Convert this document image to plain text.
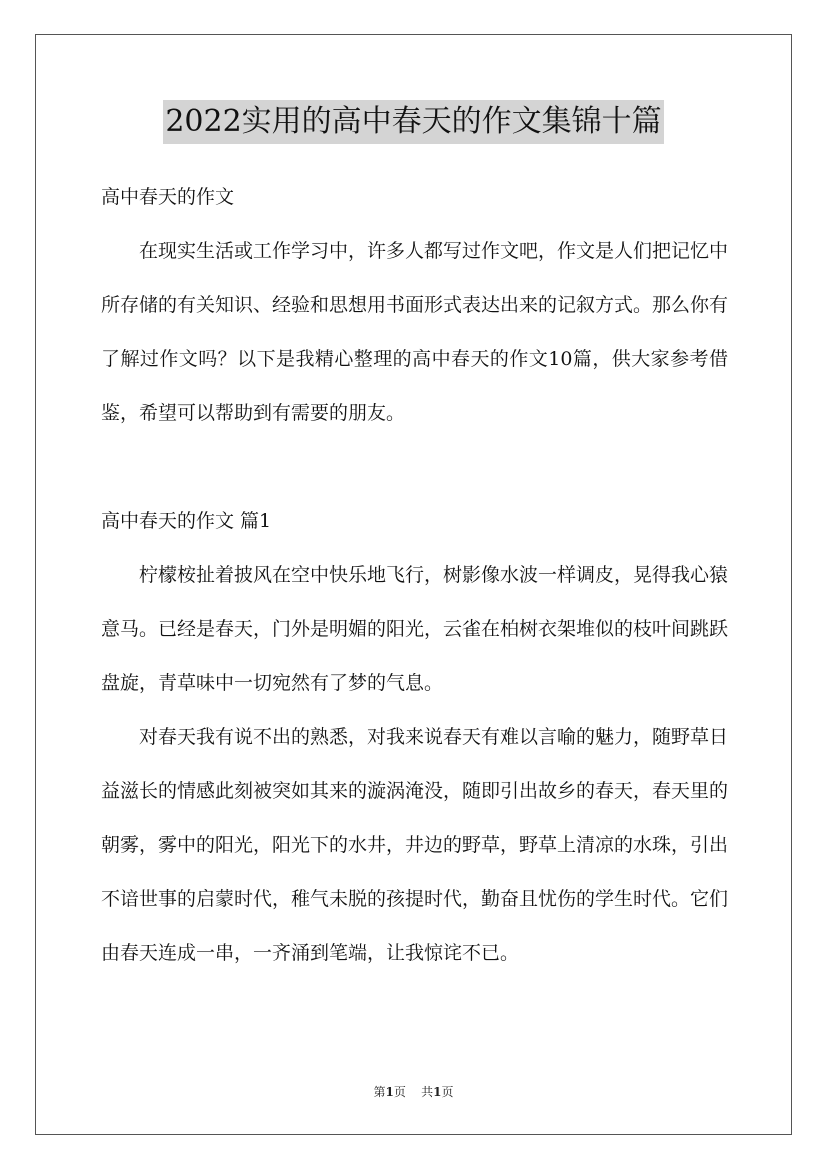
2022实用的高中春天的作文集锦十篇
高中春天的作文

在现实生活或工作学习中，许多人都写过作文吧，作文是人们把记忆中所存储的有关知识、经验和思想用书面形式表达出来的记叙方式。那么你有了解过作文吗？以下是我精心整理的高中春天的作文10篇，供大家参考借鉴，希望可以帮助到有需要的朋友。

高中春天的作文 篇1

柠檬桉扯着披风在空中快乐地飞行，树影像水波一样调皮，晃得我心猿意马。已经是春天，门外是明媚的阳光，云雀在柏树衣架堆似的枝叶间跳跃盘旋，青草味中一切宛然有了梦的气息。

对春天我有说不出的熟悉，对我来说春天有难以言喻的魅力，随野草日益滋长的情感此刻被突如其来的漩涡淹没，随即引出故乡的春天，春天里的朝雾，雾中的阳光，阳光下的水井，井边的野草，野草上清凉的水珠，引出不谙世事的启蒙时代，稚气未脱的孩提时代，勤奋且忧伤的学生时代。它们由春天连成一串，一齐涌到笔端，让我惊诧不已。

第1页 共1页
